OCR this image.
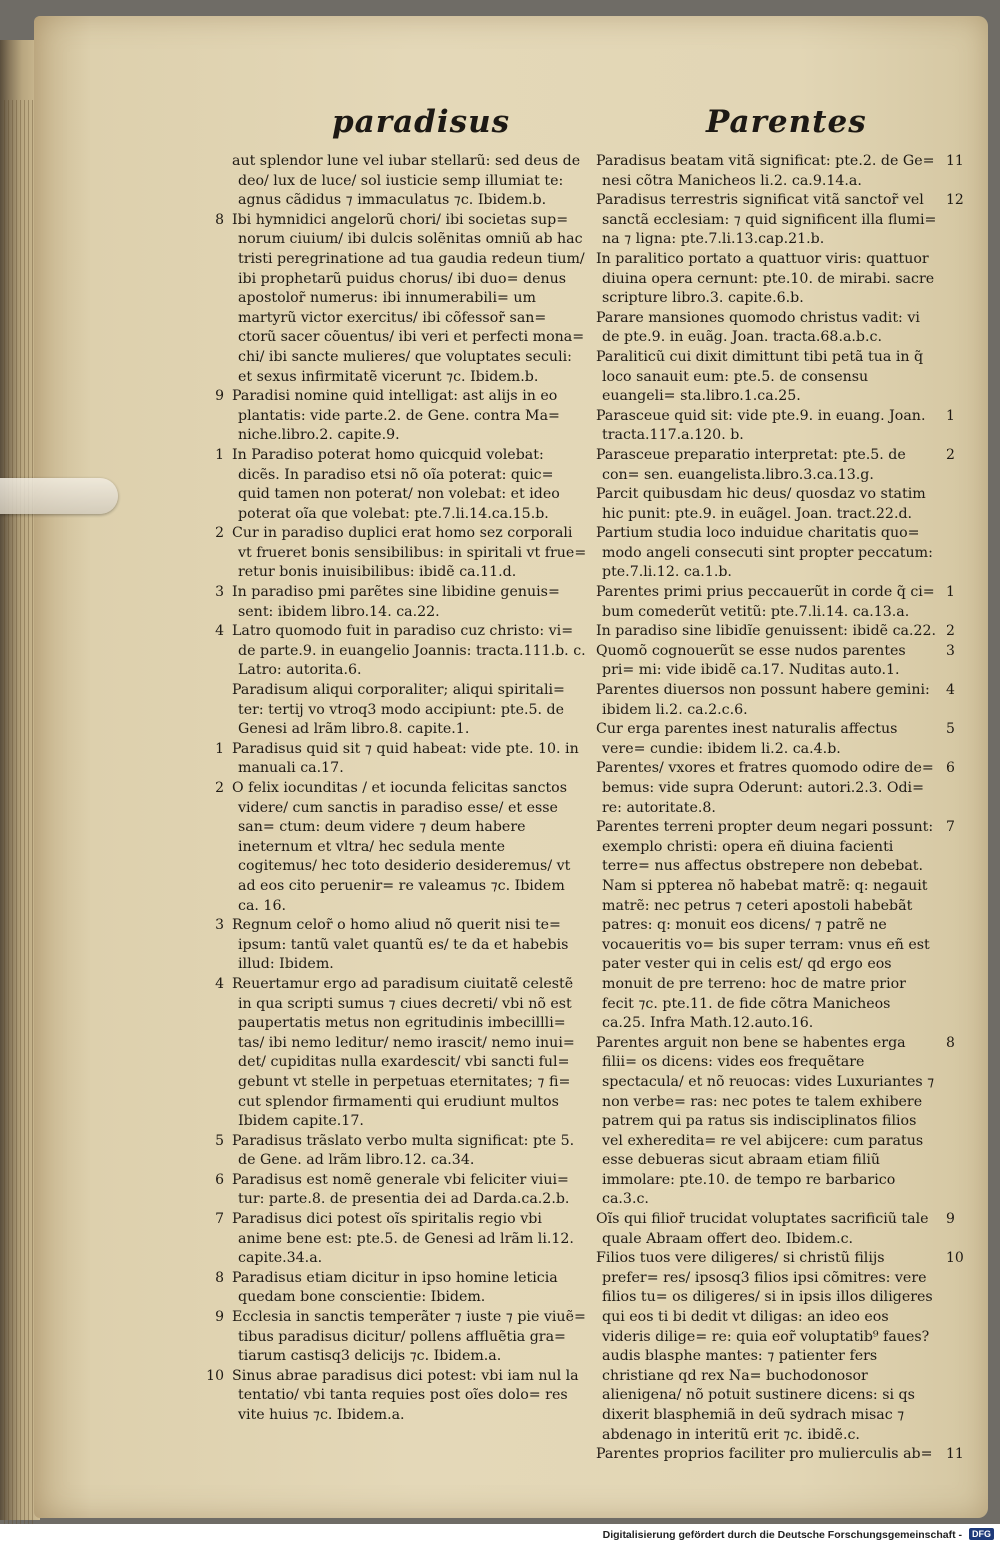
paradisus	Parentes
aut splendor lune vel iubar stellarũ: sed deus de deo/ lux de luce/ sol iusticie semp illumiat te: agnus cãdidus ⁊ immaculatus ⁊c. Ibidem.b.
8 Ibi hymnidici angelorũ chori/ ibi societas sup= norum ciuium/ ibi dulcis solẽnitas omniũ ab hac tristi peregrinatione ad tua gaudia redeun tium/ ibi prophetarũ puidus chorus/ ibi duo= denus apostolor̃ numerus: ibi innumerabili= um martyrũ victor exercitus/ ibi cõfessor̃ san= ctorũ sacer cõuentus/ ibi veri et perfecti mona= chi/ ibi sancte mulieres/ que voluptates seculi: et sexus infirmitatẽ vicerunt ⁊c. Ibidem.b.
9 Paradisi nomine quid intelligat: ast alijs in eo plantatis: vide parte.2. de Gene. contra Ma= niche.libro.2. capite.9.
1 In Paradiso poterat homo quicquid volebat: dicẽs. In paradiso etsi nõ oĩa poterat: quic= quid tamen non poterat/ non volebat: et ideo poterat oĩa que volebat: pte.7.li.14.ca.15.b.
2 Cur in paradiso duplici erat homo sez corporali vt frueret bonis sensibilibus: in spiritali vt frue= retur bonis inuisibilibus: ibidẽ ca.11.d.
3 In paradiso pmi parẽtes sine libidine genuis= sent: ibidem libro.14. ca.22.
4 Latro quomodo fuit in paradiso cuz christo: vi= de parte.9. in euangelio Joannis: tracta.111.b. c. Latro: autorita.6.
Paradisum aliqui corporaliter; aliqui spiritali= ter: tertij vo vtroq3 modo accipiunt: pte.5. de Genesi ad lrãm libro.8. capite.1.
1 Paradisus quid sit ⁊ quid habeat: vide pte. 10. in manuali ca.17.
2 O felix iocunditas / et iocunda felicitas sanctos videre/ cum sanctis in paradiso esse/ et esse san= ctum: deum videre ⁊ deum habere ineternum et vltra/ hec sedula mente cogitemus/ hec toto desiderio desideremus/ vt ad eos cito peruenir= re valeamus ⁊c. Ibidem ca. 16.
3 Regnum celor̃ o homo aliud nõ querit nisi te= ipsum: tantũ valet quantũ es/ te da et habebis illud: Ibidem.
4 Reuertamur ergo ad paradisum ciuitatẽ celestẽ in qua scripti sumus ⁊ ciues decreti/ vbi nõ est paupertatis metus non egritudinis imbecillli= tas/ ibi nemo leditur/ nemo irascit/ nemo inui= det/ cupiditas nulla exardescit/ vbi sancti ful= gebunt vt stelle in perpetuas eternitates; ⁊ fi= cut splendor firmamenti qui erudiunt multos Ibidem capite.17.
5 Paradisus trãslato verbo multa significat: pte 5. de Gene. ad lrãm libro.12. ca.34.
6 Paradisus est nomẽ generale vbi feliciter viui= tur: parte.8. de presentia dei ad Darda.ca.2.b.
7 Paradisus dici potest oĩs spiritalis regio vbi anime bene est: pte.5. de Genesi ad lrãm li.12. capite.34.a.
8 Paradisus etiam dicitur in ipso homine leticia quedam bone conscientie: Ibidem.
9 Ecclesia in sanctis temperãter ⁊ iuste ⁊ pie viuẽ= tibus paradisus dicitur/ pollens affluẽtia gra= tiarum castisq3 delicijs ⁊c. Ibidem.a.
10 Sinus abrae paradisus dici potest: vbi iam nul la tentatio/ vbi tanta requies post oĩes dolo= res vite huius ⁊c. Ibidem.a.
11
Paradisus beatam vitã significat: pte.2. de Ge= nesi cõtra Manicheos li.2. ca.9.14.a.
12
Paradisus terrestris significat vitã sanctor̃ vel sanctã ecclesiam: ⁊ quid significent illa flumi= na ⁊ ligna: pte.7.li.13.cap.21.b.
In paralitico portato a quattuor viris: quattuor diuina opera cernunt: pte.10. de mirabi. sacre scripture libro.3. capite.6.b.
Parare mansiones quomodo christus vadit: vi de pte.9. in euãg. Joan. tracta.68.a.b.c.
Paraliticũ cui dixit dimittunt tibi petã tua in q̃ loco sanauit eum: pte.5. de consensu euangeli= sta.libro.1.ca.25.
1
Parasceue quid sit: vide pte.9. in euang. Joan. tracta.117.a.120. b.
2
Parasceue preparatio interpretat: pte.5. de con= sen. euangelista.libro.3.ca.13.g.
Parcit quibusdam hic deus/ quosdaz vo statim hic punit: pte.9. in euãgel. Joan. tract.22.d.
Partium studia loco induidue charitatis quo= modo angeli consecuti sint propter peccatum: pte.7.li.12. ca.1.b.
1
Parentes primi prius peccauerũt in corde q̃ ci= bum comederũt vetitũ: pte.7.li.14. ca.13.a.
2
In paradiso sine libidĩe genuissent: ibidẽ ca.22.
3
Quomõ cognouerũt se esse nudos parentes pri= mi: vide ibidẽ ca.17. Nuditas auto.1.
4
Parentes diuersos non possunt habere gemini: ibidem li.2. ca.2.c.6.
5
Cur erga parentes inest naturalis affectus vere= cundie: ibidem li.2. ca.4.b.
6
Parentes/ vxores et fratres quomodo odire de= bemus: vide supra Oderunt: autori.2.3. Odi= re: autoritate.8.
7
Parentes terreni propter deum negari possunt: exemplo christi: opera eñ diuina facienti terre= nus affectus obstrepere non debebat. Nam si ppterea nõ habebat matrẽ: q: negauit matrẽ: nec petrus ⁊ ceteri apostoli habebãt patres: q: monuit eos dicens/ ⁊ patrẽ ne vocaueritis vo= bis super terram: vnus eñ est pater vester qui in celis est/ qd ergo eos monuit de pre terreno: hoc de matre prior fecit ⁊c. pte.11. de fide cõtra Manicheos ca.25. Infra Math.12.auto.16.
8
Parentes arguit non bene se habentes erga filii= os dicens: vides eos frequẽtare spectacula/ et nõ reuocas: vides Luxuriantes ⁊ non verbe= ras: nec potes te talem exhibere patrem qui pa ratus sis indisciplinatos filios vel exheredita= re vel abijcere: cum paratus esse debueras sicut abraam etiam filiũ immolare: pte.10. de tempo re barbarico ca.3.c.
9
Oĩs qui filior̃ trucidat voluptates sacrificiũ tale quale Abraam offert deo. Ibidem.c.
10
Filios tuos vere diligeres/ si christũ filijs prefer= res/ ipsosq3 filios ipsi cõmitres: vere filios tu= os diligeres/ si in ipsis illos diligeres qui eos ti bi dedit vt diligas: an ideo eos videris dilige= re: quia eor̃ voluptatib⁹ faues? audis blasphe mantes: ⁊ patienter fers christiane qd rex Na= buchodonosor alienigena/ nõ potuit sustinere dicens: si qs dixerit blasphemiã in deũ sydrach misac ⁊ abdenago in interitũ erit ⁊c. ibidẽ.c.
11
Parentes proprios faciliter pro mulierculis ab=
Digitalisierung gefördert durch die Deutsche Forschungsgemeinschaft -	DFG
